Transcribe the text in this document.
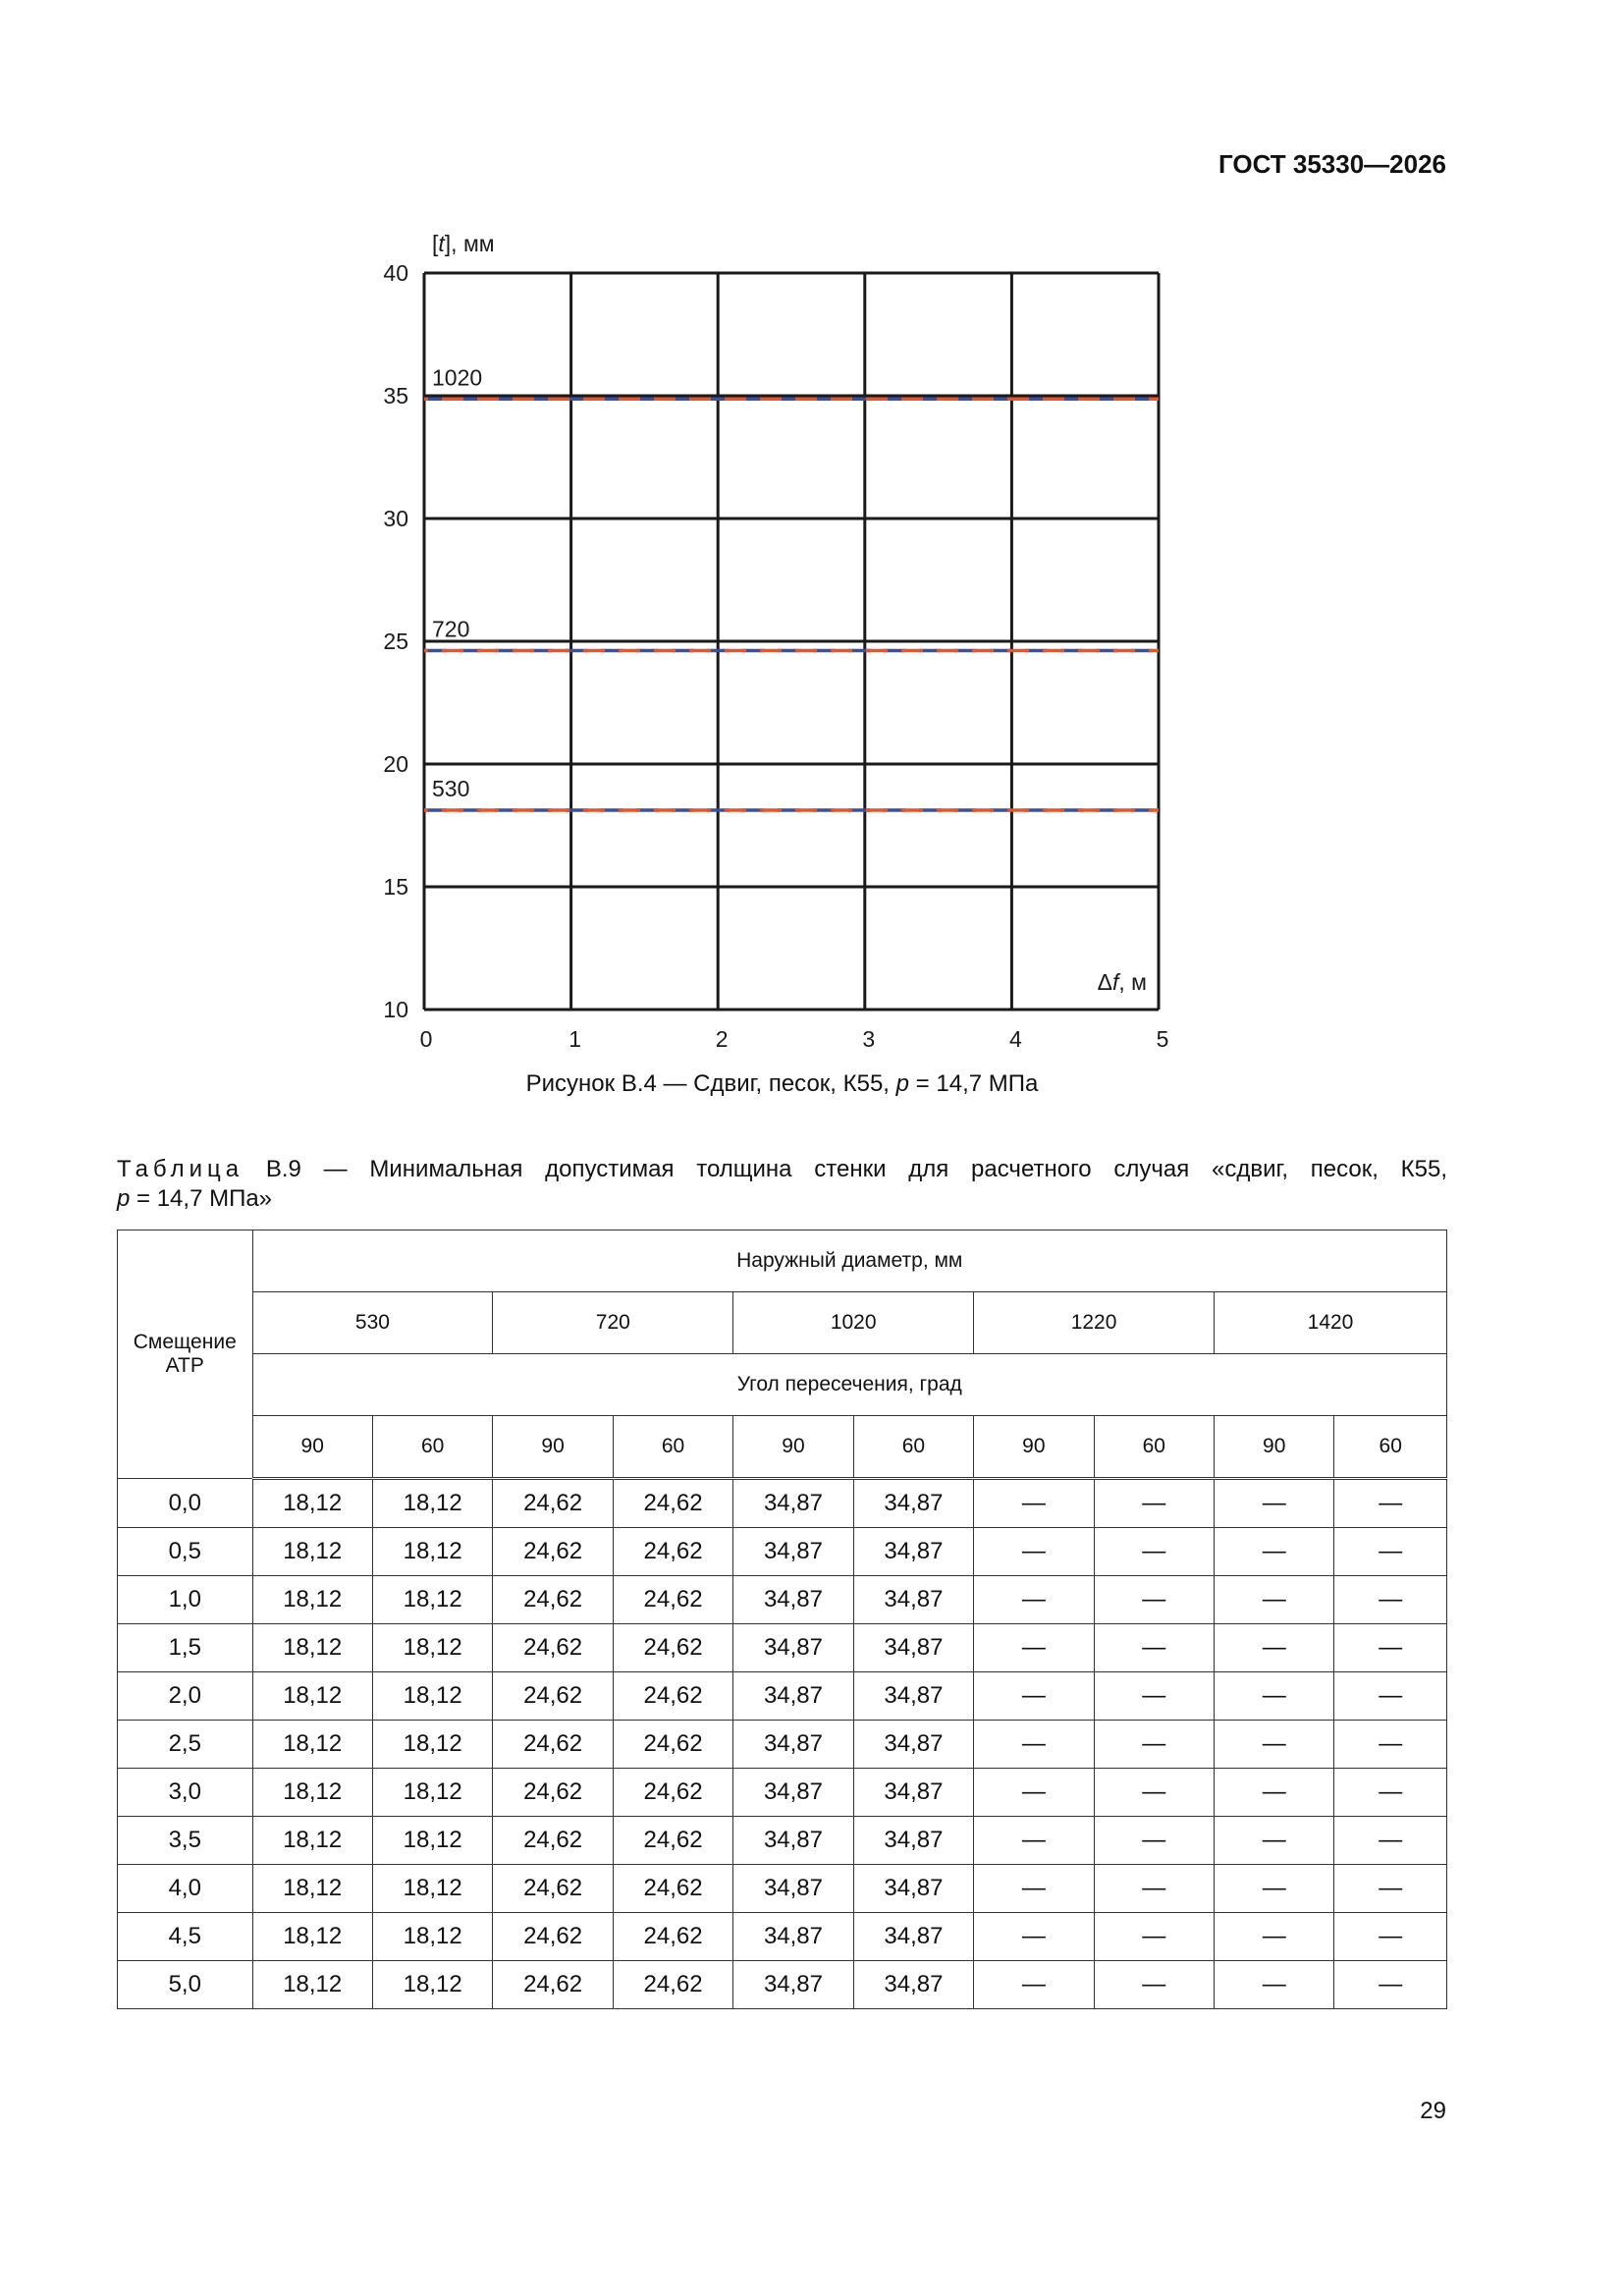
ГОСТ 35330—2026
0	1	2	3	4	5
10
15
20
25
30
35
40
530
720
1020
[t], мм
Δf, м
Рисунок В.4 — Сдвиг, песок, К55, p = 14,7 МПа
Таблица В.9 — Минимальная допустимая толщина стенки для расчетного случая «сдвиг, песок, К55,
p = 14,7 МПа»
Смещение АТР	Наружный диаметр, мм									
	530		720		1020		1220		1420	
	Угол пересечения, град									
	90	60	90	60	90	60	90	60	90	60
0,0	18,12	18,12	24,62	24,62	34,87	34,87	—	—	—	—
0,5	18,12	18,12	24,62	24,62	34,87	34,87	—	—	—	—
1,0	18,12	18,12	24,62	24,62	34,87	34,87	—	—	—	—
1,5	18,12	18,12	24,62	24,62	34,87	34,87	—	—	—	—
2,0	18,12	18,12	24,62	24,62	34,87	34,87	—	—	—	—
2,5	18,12	18,12	24,62	24,62	34,87	34,87	—	—	—	—
3,0	18,12	18,12	24,62	24,62	34,87	34,87	—	—	—	—
3,5	18,12	18,12	24,62	24,62	34,87	34,87	—	—	—	—
4,0	18,12	18,12	24,62	24,62	34,87	34,87	—	—	—	—
4,5	18,12	18,12	24,62	24,62	34,87	34,87	—	—	—	—
5,0	18,12	18,12	24,62	24,62	34,87	34,87	—	—	—	—
29
